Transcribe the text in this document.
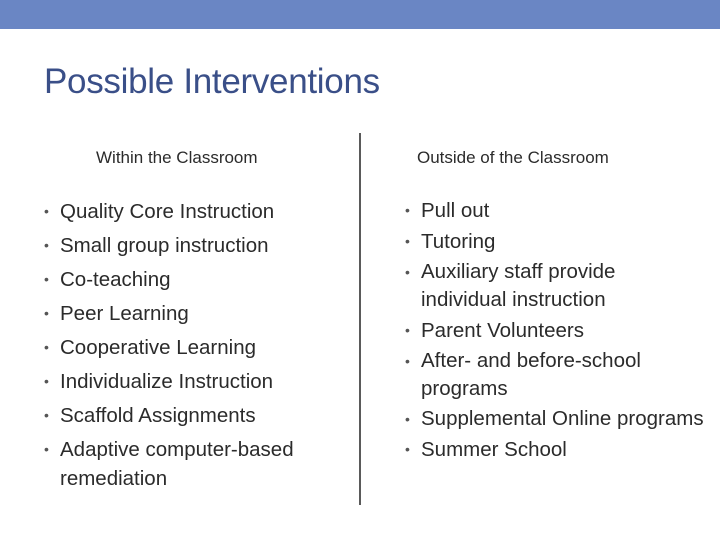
Possible Interventions
Within the Classroom	Outside of the Classroom
• Quality Core Instruction
• Small group instruction
• Co-teaching
• Peer Learning
• Cooperative Learning
• Individualize Instruction
• Scaffold Assignments
• Adaptive computer-based remediation
• Pull out
• Tutoring
• Auxiliary staff provide individual instruction
• Parent Volunteers
• After- and before-school programs
• Supplemental Online programs
• Summer School
